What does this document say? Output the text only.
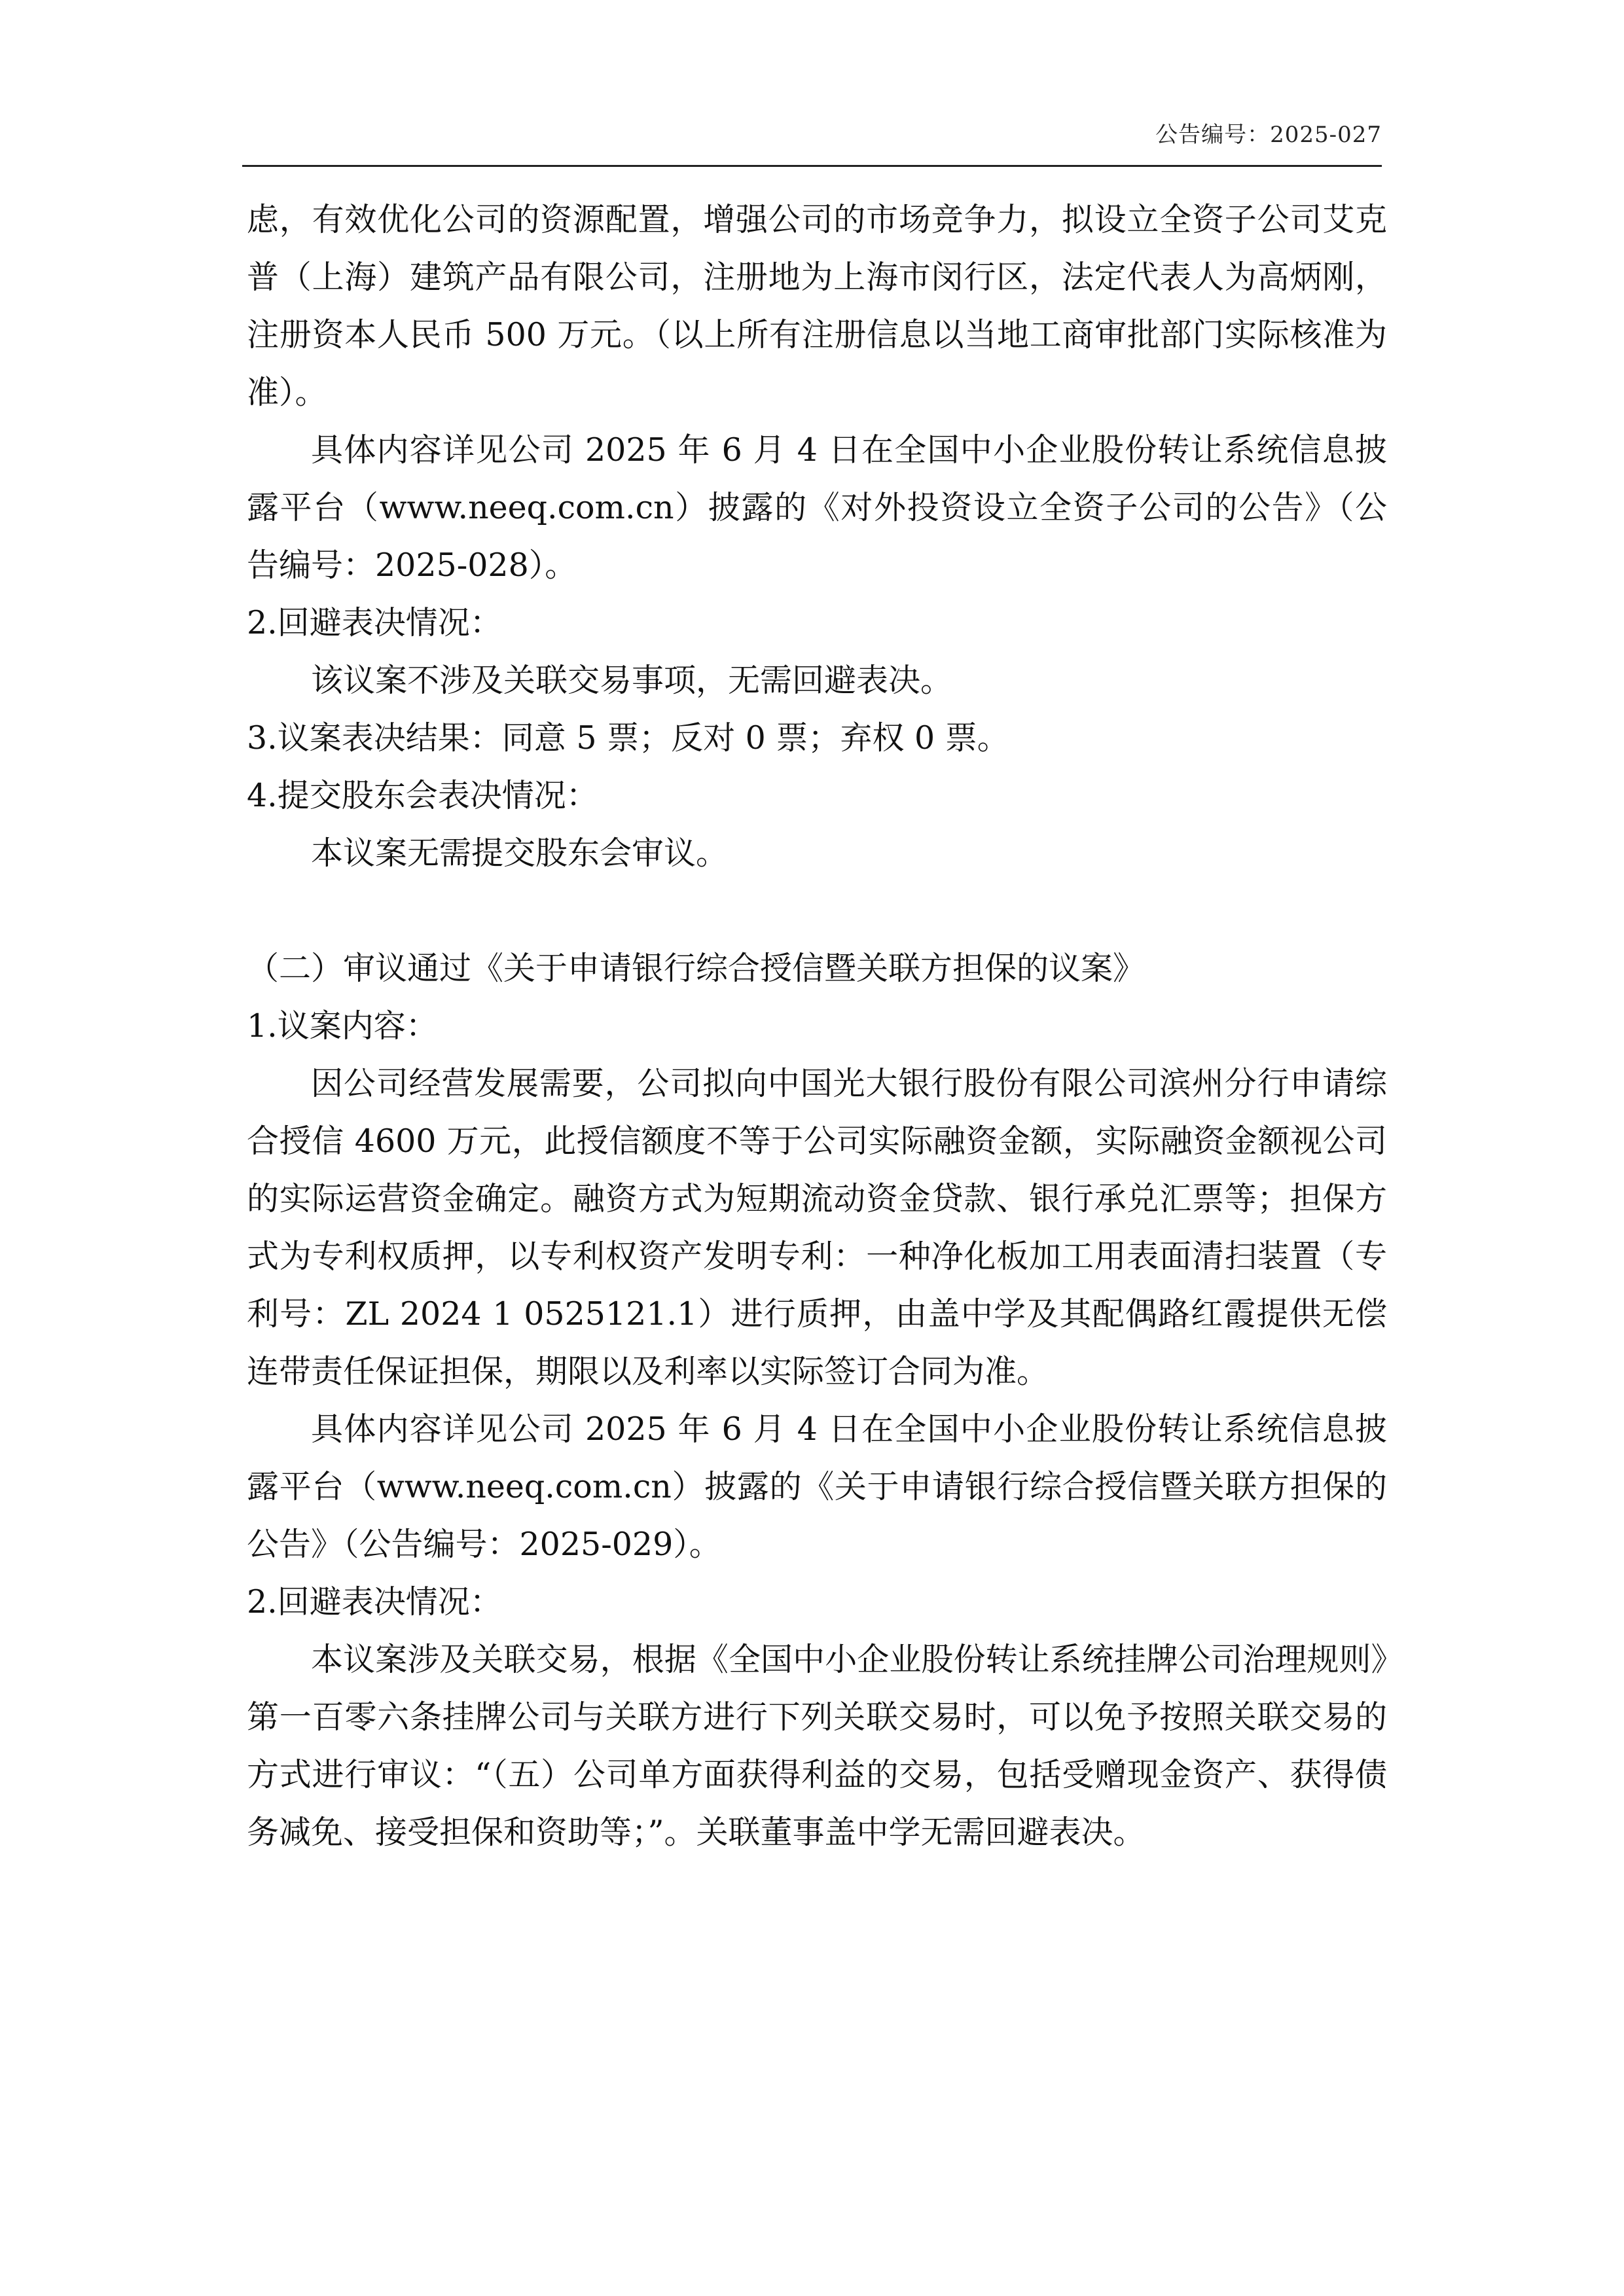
公告编号：2025-027

虑，有效优化公司的资源配置，增强公司的市场竞争力，拟设立全资子公司艾克普（上海）建筑产品有限公司，注册地为上海市闵行区，法定代表人为高炳刚，注册资本人民币 500 万元。（以上所有注册信息以当地工商审批部门实际核准为准）。

具体内容详见公司 2025 年 6 月 4 日在全国中小企业股份转让系统信息披露平台（www.neeq.com.cn）披露的《对外投资设立全资子公司的公告》（公告编号：2025-028）。

2.回避表决情况：

该议案不涉及关联交易事项，无需回避表决。

3.议案表决结果：同意 5 票；反对 0 票；弃权 0 票。

4.提交股东会表决情况：

本议案无需提交股东会审议。

（二）审议通过《关于申请银行综合授信暨关联方担保的议案》

1.议案内容：

因公司经营发展需要，公司拟向中国光大银行股份有限公司滨州分行申请综合授信 4600 万元，此授信额度不等于公司实际融资金额，实际融资金额视公司的实际运营资金确定。融资方式为短期流动资金贷款、银行承兑汇票等；担保方式为专利权质押，以专利权资产发明专利：一种净化板加工用表面清扫装置（专利号：ZL 2024 1 0525121.1）进行质押，由盖中学及其配偶路红霞提供无偿连带责任保证担保，期限以及利率以实际签订合同为准。

具体内容详见公司 2025 年 6 月 4 日在全国中小企业股份转让系统信息披露平台（www.neeq.com.cn）披露的《关于申请银行综合授信暨关联方担保的公告》（公告编号：2025-029）。

2.回避表决情况：

本议案涉及关联交易，根据《全国中小企业股份转让系统挂牌公司治理规则》第一百零六条挂牌公司与关联方进行下列关联交易时，可以免予按照关联交易的方式进行审议：“（五）公司单方面获得利益的交易，包括受赠现金资产、获得债务减免、接受担保和资助等；”。关联董事盖中学无需回避表决。
